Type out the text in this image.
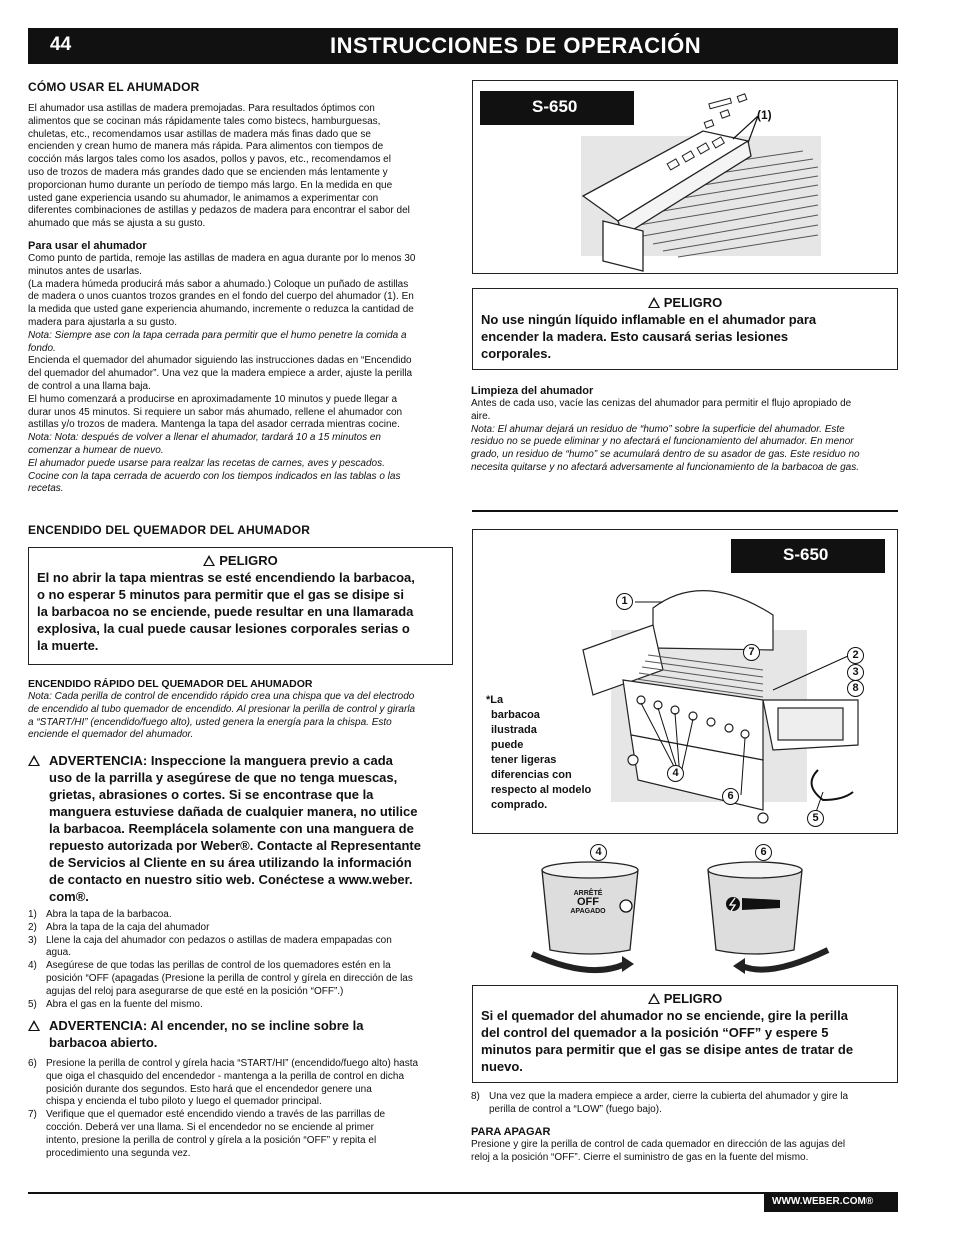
44	INSTRUCCIONES DE OPERACIÓN
CÓMO USAR EL AHUMADOR
El ahumador usa astillas de madera premojadas. Para resultados óptimos con
alimentos que se cocinan más rápidamente tales como bistecs, hamburguesas,
chuletas, etc., recomendamos usar astillas de madera más finas dado que se
encienden y crean humo de manera más rápida. Para alimentos con tiempos de
cocción más largos tales como los asados, pollos y pavos, etc., recomendamos el
uso de trozos de madera más grandes dado que se encienden más lentamente y
proporcionan humo durante un período de tiempo más largo. En la medida en que
usted gane experiencia usando su ahumador, le animamos a experimentar con
diferentes combinaciones de astillas y pedazos de madera para encontrar el sabor del
ahumado que más se ajusta a su gusto.

Para usar el ahumador

Como punto de partida, remoje las astillas de madera en agua durante por lo menos 30
minutos antes de usarlas.
(La madera húmeda producirá más sabor a ahumado.) Coloque un puñado de astillas
de madera o unos cuantos trozos grandes en el fondo del cuerpo del ahumador (1). En
la medida que usted gane experiencia ahumando, incremente o reduzca la cantidad de
madera para ajustarla a su gusto.
Nota: Siempre ase con la tapa cerrada para permitir que el humo penetre la comida a
fondo.
Encienda el quemador del ahumador siguiendo las instrucciones dadas en “Encendido
del quemador del ahumador”. Una vez que la madera empiece a arder, ajuste la perilla
de control a una llama baja.
El humo comenzará a producirse en aproximadamente 10 minutos y puede llegar a
durar unos 45 minutos. Si requiere un sabor más ahumado, rellene el ahumador con
astillas y/o trozos de madera. Mantenga la tapa del asador cerrada mientras cocine.
Nota: Nota: después de volver a llenar el ahumador, tardará 10 a 15 minutos en
comenzar a humear de nuevo.
El ahumador puede usarse para realzar las recetas de carnes, aves y pescados.
Cocine con la tapa cerrada de acuerdo con los tiempos indicados en las tablas o las
recetas.
S-650	(1)
PELIGRO
No use ningún líquido inflamable en el ahumador para
encender la madera. Esto causará serias lesiones
corporales.

Limpieza del ahumador

Antes de cada uso, vacíe las cenizas del ahumador para permitir el flujo apropiado de
aire.
Nota: El ahumar dejará un residuo de “humo” sobre la superficie del ahumador. Este
residuo no se puede eliminar y no afectará el funcionamiento del ahumador. En menor
grado, un residuo de “humo” se acumulará dentro de su asador de gas. Este residuo no
necesita quitarse y no afectará adversamente al funcionamiento de la barbacoa de gas.
ENCENDIDO DEL QUEMADOR DEL AHUMADOR
PELIGRO
El no abrir la tapa mientras se esté encendiendo la barbacoa,
o no esperar 5 minutos para permitir que el gas se disipe si
la barbacoa no se enciende, puede resultar en una llamarada
explosiva, la cual puede causar lesiones corporales serias o
la muerte.
ENCENDIDO RÁPIDO DEL QUEMADOR DEL AHUMADOR
Nota: Cada perilla de control de encendido rápido crea una chispa que va del electrodo
de encendido al tubo quemador de encendido. Al presionar la perilla de control y girarla
a “START/HI” (encendido/fuego alto), usted genera la energía para la chispa. Esto
enciende el quemador del ahumador.
ADVERTENCIA: Inspeccione la manguera previo a cada
uso de la parrilla y asegúrese de que no tenga muescas,
grietas, abrasiones o cortes. Si se encontrase que la
manguera estuviese dañada de cualquier manera, no utilice
la barbacoa. Reemplácela solamente con una manguera de
repuesto autorizada por Weber®. Contacte al Representante
de Servicios al Cliente en su área utilizando la información
de contacto en nuestro sitio web. Conéctese a www.weber.
com®.
1) Abra la tapa de la barbacoa.
2) Abra la tapa de la caja del ahumador
3) Llene la caja del ahumador con pedazos o astillas de madera empapadas con
agua.
4) Asegúrese de que todas las perillas de control de los quemadores estén en la
posición “OFF (apagadas (Presione la perilla de control y gírela en dirección de las
agujas del reloj para asegurarse de que esté en la posición “OFF”.)
5) Abra el gas en la fuente del mismo.
ADVERTENCIA: Al encender, no se incline sobre la
barbacoa abierto.
6) Presione la perilla de control y gírela hacia “START/HI” (encendido/fuego alto) hasta
que oiga el chasquido del encendedor - mantenga a la perilla de control en dicha
posición durante dos segundos. Esto hará que el encendedor genere una
chispa y encienda el tubo piloto y luego el quemador principal.
7) Verifique que el quemador esté encendido viendo a través de las parrillas de
cocción. Deberá ver una llama. Si el encendedor no se enciende al primer
intento, presione la perilla de control y gírela a la posición “OFF” y repita el
procedimiento una segunda vez.
S-650
1
2
3
7
8
4
6
5
*La
barbacoa
ilustrada
puede
tener ligeras
diferencias con
respecto al modelo
comprado.
4	6
ARRÊTÉ
OFF
APAGADO
PELIGRO
Si el quemador del ahumador no se enciende, gire la perilla
del control del quemador a la posición “OFF” y espere 5
minutos para permitir que el gas se disipe antes de tratar de
nuevo.
8) Una vez que la madera empiece a arder, cierre la cubierta del ahumador y gire la
perilla de control a “LOW” (fuego bajo).
PARA APAGAR
Presione y gire la perilla de control de cada quemador en dirección de las agujas del
reloj a la posición “OFF”. Cierre el suministro de gas en la fuente del mismo.
WWW.WEBER.COM®
